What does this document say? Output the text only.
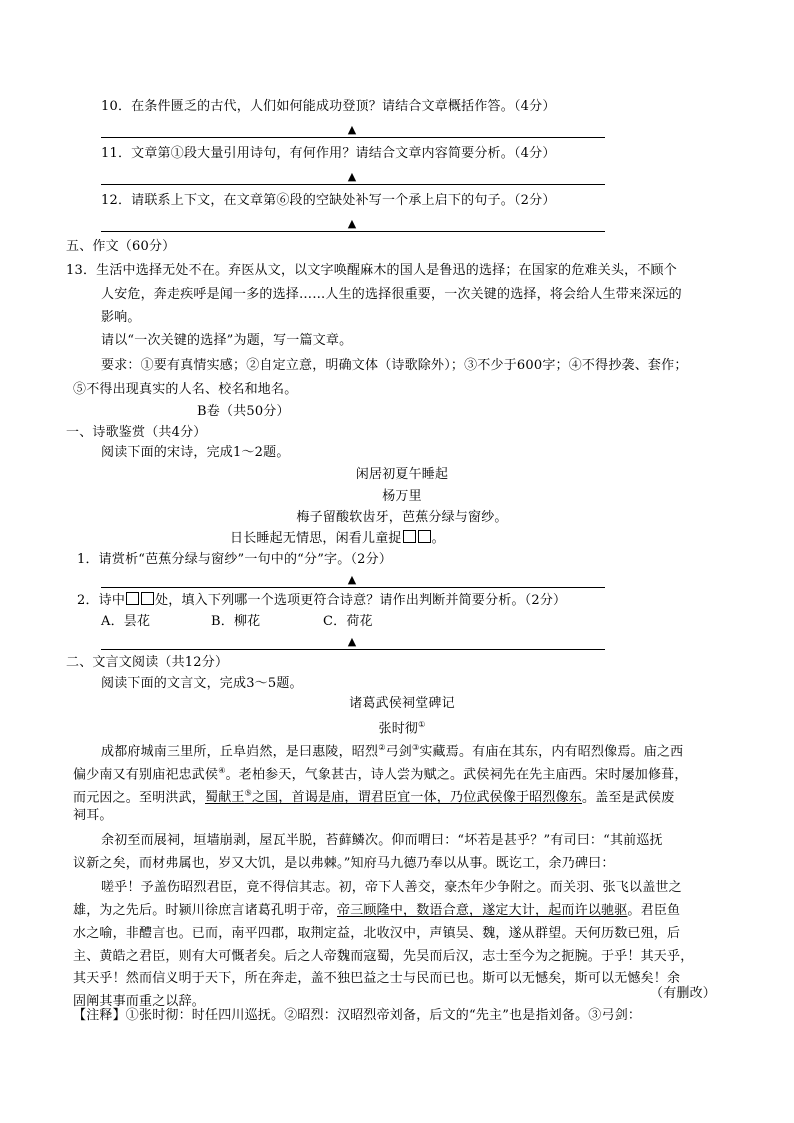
10．在条件匮乏的古代，人们如何能成功登顶？请结合文章概括作答。（4分）
▲
11．文章第①段大量引用诗句，有何作用？请结合文章内容简要分析。（4分）
▲
12．请联系上下文，在文章第⑥段的空缺处补写一个承上启下的句子。（2分）
▲
五、作文（60分）
13．生活中选择无处不在。弃医从文，以文字唤醒麻木的国人是鲁迅的选择；在国家的危难关头，不顾个
人安危，奔走疾呼是闻一多的选择……人生的选择很重要，一次关键的选择，将会给人生带来深远的
影响。
请以“一次关键的选择”为题，写一篇文章。
要求：①要有真情实感；②自定立意，明确文体（诗歌除外）；③不少于600字；④不得抄袭、套作；
⑤不得出现真实的人名、校名和地名。
B卷（共50分）
一、诗歌鉴赏（共4分）
阅读下面的宋诗，完成1～2题。
闲居初夏午睡起
杨万里
梅子留酸软齿牙，芭蕉分绿与窗纱。
日长睡起无情思，闲看儿童捉 。
1．请赏析“芭蕉分绿与窗纱”一句中的“分”字。（2分）
▲
2．诗中 处，填入下列哪一个选项更符合诗意？请作出判断并简要分析。（2分）
A．昙花	B．柳花	C．荷花
▲
二、文言文阅读（共12分）
阅读下面的文言文，完成3～5题。
诸葛武侯祠堂碑记
张时彻①
成都府城南三里所，丘阜岿然，是曰惠陵，昭烈②弓剑③实藏焉。有庙在其东，内有昭烈像焉。庙之西
偏少南又有别庙祀忠武侯④。老柏参天，气象甚古，诗人尝为赋之。武侯祠先在先主庙西。宋时屡加修葺，
而元因之。至明洪武，蜀献王⑤之国，首谒是庙，谓君臣宜一体，乃位武侯像于昭烈像东。盖至是武侯废
祠耳。
余初至而展祠，垣墙崩剥，屋瓦半脱，苔藓鳞次。仰而喟曰：“坏若是甚乎？”有司曰：“其前巡抚
议新之矣，而材弗属也，岁又大饥，是以弗棘。”知府马九德乃奉以从事。既讫工，余乃碑曰：
嗟乎！予盖伤昭烈君臣，竟不得信其志。初，帝下人善交，豪杰年少争附之。而关羽、张飞以盖世之
雄，为之先后。时颍川徐庶言诸葛孔明于帝，帝三顾隆中，数语合意，遂定大计，起而许以驰驱。君臣鱼
水之喻，非醴言也。已而，南平四郡，取荆定益，北收汉中，声镇吴、魏，遂从群望。天何历数已殂，后
主、黄皓之君臣，则有大可慨者矣。后之人帝魏而寇蜀，先吴而后汉，志士至今为之扼腕。于乎！其天乎，
其天乎！然而信义明于天下，所在奔走，盖不独巴益之士与民而已也。斯可以无憾矣，斯可以无憾矣！余
固阐其事而重之以辞。
（有删改）
【注释】①张时彻：时任四川巡抚。②昭烈：汉昭烈帝刘备，后文的“先主”也是指刘备。③弓剑：
